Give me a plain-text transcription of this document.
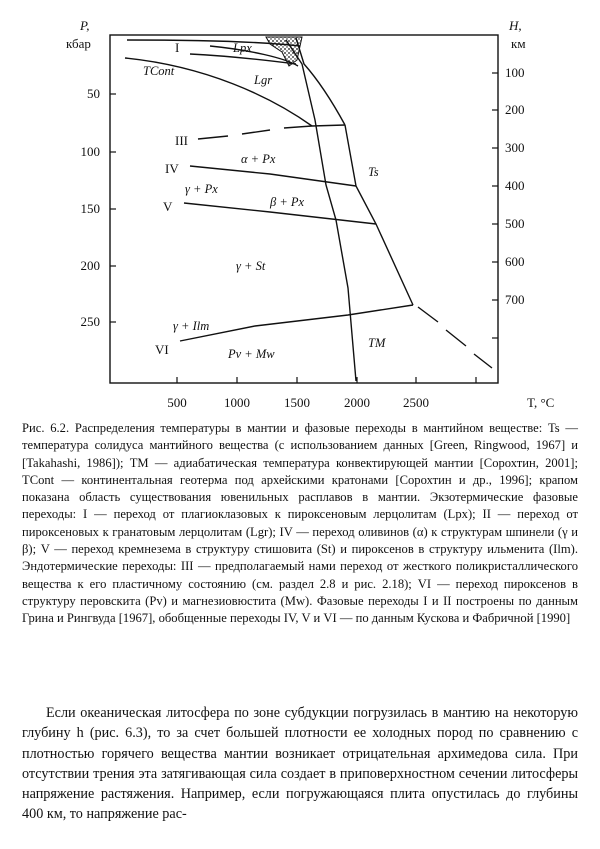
P,
кбар
H,
км
T, °C
500	1000	1500	2000	2500
50
100
150
200
250
100
200
300
400
500
600
700
I
III
IV
V
VI
Lpx
Lgr
TCont
α + Px
γ + Px
β + Px
γ + St
γ + Ilm
Pv + Mw
Ts
TM
Рис. 6.2. Распределения температуры в мантии и фазовые переходы в мантийном веществе: Ts — температура солидуса мантийного вещества (с использованием данных [Green, Ringwood, 1967] и [Takahashi, 1986]); TM — адиабатическая температура конвектирующей мантии [Сорохтин, 2001]; TCont — континентальная геотерма под архейскими кратонами [Сорохтин и др., 1996]; крапом показана область существования ювенильных расплавов в мантии. Экзотермические фазовые переходы: I — переход от плагиоклазовых к пироксеновым лерцолитам (Lpx); II — переход от пироксеновых к гранатовым лерцолитам (Lgr); IV — переход оливинов (α) к структурам шпинели (γ и β); V — переход кремнезема в структуру стишовита (St) и пироксенов в структуру ильменита (Ilm). Эндотермические переходы: III — предполагаемый нами переход от жесткого поликристаллического вещества к его пластичному состоянию (см. раздел 2.8 и рис. 2.18); VI — переход пироксенов в структуру перовскита (Pv) и магнезиовюстита (Mw). Фазовые переходы I и II построены по данным Грина и Рингвуда [1967], обобщенные переходы IV, V и VI — по данным Кускова и Фабричной [1990]
Если океаническая литосфера по зоне субдукции погрузилась в мантию на некоторую глубину h (рис. 6.3), то за счет большей плотности ее холодных пород по сравнению с плотностью горячего вещества мантии возникает отрицательная архимедова сила. При отсутствии трения эта затягивающая сила создает в приповерхностном сечении литосферы напряжение растяжения. Например, если погружающаяся плита опустилась до глубины 400 км, то напряжение рас-
